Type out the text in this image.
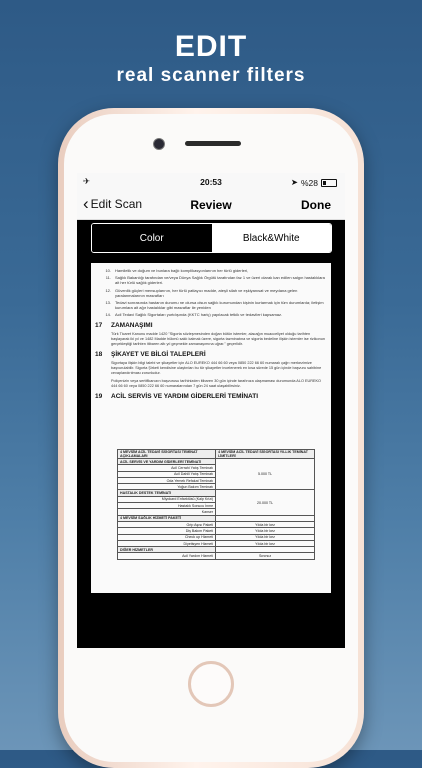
EDIT
real scanner filters
✈	20:53	➤ %28
‹ Edit Scan	Review	Done
Color	Black&White
10.	Hamilelik ve doğum ve bunlara bağlı komplikasyonlarının her türlü giderleri,
11.	Sağlık Bakanlığı tarafından ve/veya Dünya Sağlık Örgütü tarafından faz 1 ve üzeri olarak kan edilen salgın hastalıklara ait her türlü sağlık giderleri.
12.	Güvenlik güçleri mensuplarının, her türlü patlayıcı madde, ateşli silah ve eşkiyanısat ve meydana gelen yaralanmalarının masrafları
13.	Tedavi sonrasında hastanın durumu ne olursa olsun sağlık kurumundan kişinin kurtarmak için tüm durumlarda; iletişim kurumlara ait ağır hastalıklar gibi masraflar ile yeniden
14.	Acil Tedavi Sağlık Sigortaları yurtdışında (KKTC hariç) yapılacak tetkik ve tedavileri kapsamaz.
17	ZAMANAŞIMI
Türk Ticaret Kanunu madde 1420 "Sigorta sözleşmesinden doğan bütün istemler, alacağın muacceliyet olduğu tarihten başlayarak iki yıl ve 1482 Madde hükmü saklı kalmak üzere, sigorta tazminatına ve sigorta bedeline ilişkin istemler ise rizikonun gerçekleştiği tarihten itibaren altı yıl geçmekle zamanaşımına uğrar." geçerlidir.
18	ŞİKAYET VE BİLGİ TALEPLERİ
Sigortaya ilişkin bilgi talebi ve şikayetler için ALO EUREKO 444 66 60 veya 0850 222 66 60 numaralı çağrı merkezimize başvurulabilir. Sigorta Şirketi kendisine ulaştırılan bu tür şikayetler incelenerek en kısa sürede 15 gün içinde başvuru sahibine cevaplandırılması zorunludur.
Poliçenizin veya sertifikanızın başvurusu tarihinizden itibaren 30 gün içinde tarafınıza ulaşmaması durumunda ALO EUREKO 444 66 60 veya 0850 222 66 60 numaralarından 7 gün 24 saat ulaşabilirsiniz.
19	ACİL SERVİS VE YARDIM GİDERLERİ TEMİNATI
4 MEVSİM ACİL TEDAVİ SİGORTASI TEMİNAT AÇIKLAMALARI	4 MEVSİM ACİL TEDAVİ SİGORTASI YILLIK TEMİNAT LİMİTLERİ
ACİL SERVİS VE YARDIM GİDERLERİ TEMİNATI	5.000 TL
Acil Cerrahi Yatış Teminatı	
Acil Dahili Yatış Teminatı	
Oda Yemek Refakat Teminatı	
Yoğun Bakım Teminatı	
HASTALIK DESTEK TEMİNATI	20.000 TL
Miyokard Enfarktüsü (Kalp Krizi)	
Hastalık Sonucu İnme	
Kanser	
4 MEVSİM SAĞLIK HİZMETİ PAKETİ	
Grip Aşısı Paketi	Yılda bir kez
Diş Bakım Paketi	Yılda bir kez
Check up Hizmeti	Yılda bir kez
Diyetisyen Hizmeti	Yılda bir kez
DİĞER HİZMETLER	
Acil Yardım Hizmeti	Sınırsız
